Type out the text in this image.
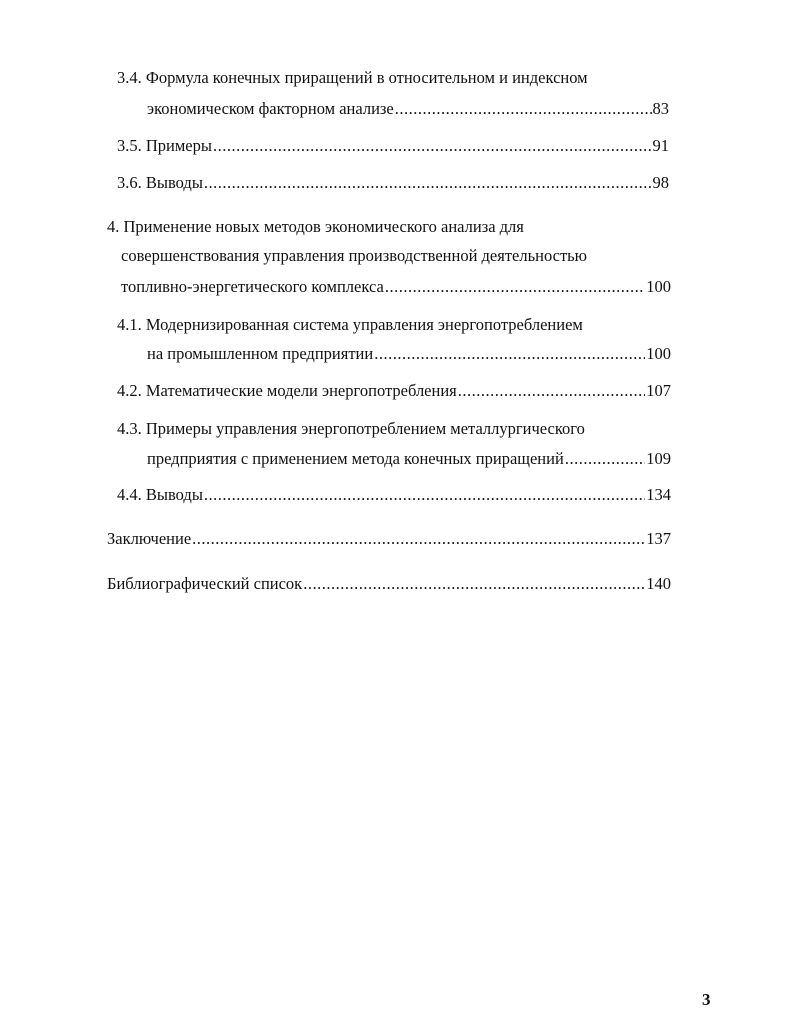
3.4. Формула конечных приращений в относительном и индексном
экономическом факторном анализе .....	83
3.5. Примеры .....	91
3.6. Выводы .....	98
4. Применение новых методов экономического анализа для
совершенствования управления производственной деятельностью
топливно-энергетического комплекса .....	100
4.1. Модернизированная система управления энергопотреблением
на промышленном предприятии .....	100
4.2. Математические модели энергопотребления .....	107
4.3. Примеры управления энергопотреблением металлургического
предприятия с применением метода конечных приращений .....	109
4.4. Выводы .....	134
Заключение .....	137
Библиографический список .....	140
3
